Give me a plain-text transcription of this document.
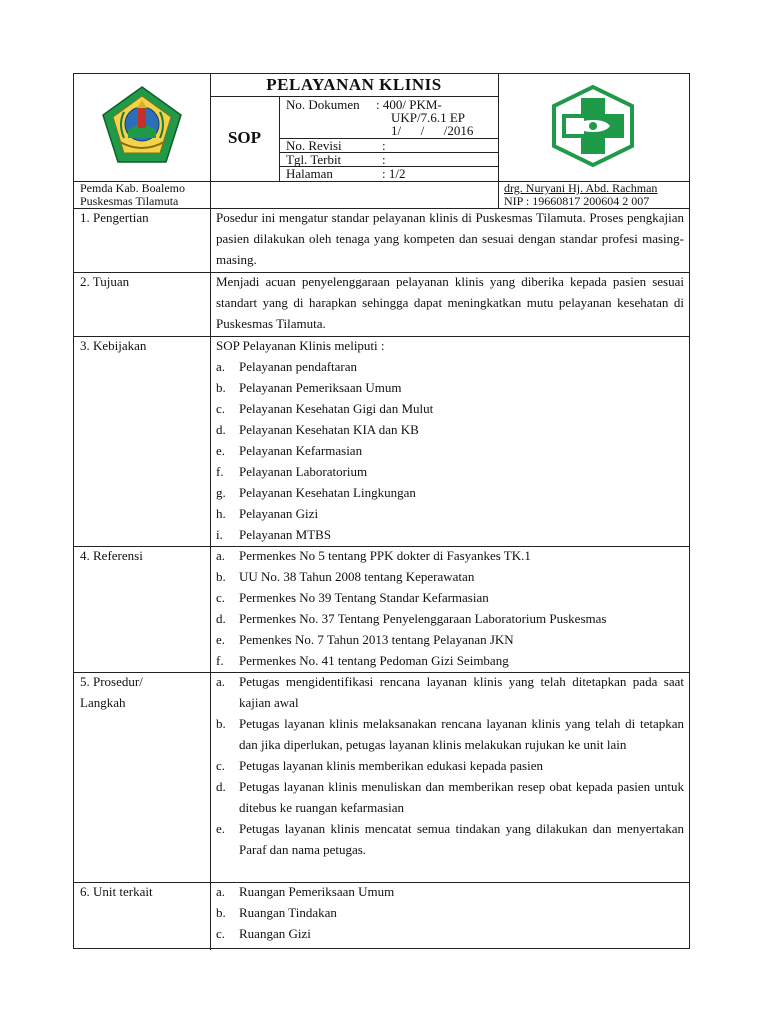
PELAYANAN KLINIS
SOP
No. Dokumen : 400/ PKM-
UKP/7.6.1 EP
1/      /      /2016
No. Revisi	:
Tgl. Terbit	:
Halaman	: 1/2
Pemda Kab. Boalemo
Puskesmas Tilamuta
drg. Nuryani Hj. Abd. Rachman
NIP : 19660817 200604 2 007
1. Pengertian	Posedur ini mengatur standar pelayanan klinis di Puskesmas Tilamuta. Proses pengkajian pasien dilakukan oleh tenaga yang kompeten dan sesuai dengan standar profesi masing-masing.
2. Tujuan	Menjadi acuan penyelenggaraan pelayanan klinis yang diberika kepada pasien sesuai standart yang di harapkan sehingga dapat meningkatkan mutu pelayanan kesehatan di Puskesmas Tilamuta.
3. Kebijakan	SOP Pelayanan Klinis meliputi :
a.	Pelayanan pendaftaran
b.	Pelayanan Pemeriksaan Umum
c.	Pelayanan Kesehatan Gigi dan Mulut
d.	Pelayanan Kesehatan KIA dan KB
e.	Pelayanan Kefarmasian
f.	Pelayanan Laboratorium
g.	Pelayanan Kesehatan Lingkungan
h.	Pelayanan Gizi
i.	Pelayanan MTBS
4. Referensi	a.	Permenkes No 5 tentang PPK dokter di Fasyankes TK.1
b.	UU No. 38 Tahun 2008 tentang Keperawatan
c.	Permenkes No 39 Tentang Standar Kefarmasian
d.	Permenkes No. 37 Tentang Penyelenggaraan Laboratorium Puskesmas
e.	Pemenkes No. 7 Tahun 2013 tentang Pelayanan JKN
f.	Permenkes No. 41 tentang Pedoman Gizi Seimbang
5. Prosedur/
Langkah
a.	Petugas mengidentifikasi rencana layanan klinis yang telah ditetapkan pada saat kajian awal
b.	Petugas layanan klinis melaksanakan rencana layanan klinis yang telah di tetapkan dan jika diperlukan, petugas layanan klinis melakukan rujukan ke unit lain
c.	Petugas layanan klinis memberikan edukasi kepada pasien
d.	Petugas layanan klinis menuliskan dan memberikan resep obat kepada pasien untuk ditebus ke ruangan kefarmasian
e.	Petugas layanan klinis mencatat semua tindakan yang dilakukan dan menyertakan Paraf dan nama petugas.
6. Unit terkait	a.	Ruangan Pemeriksaan Umum
b.	Ruangan Tindakan
c.	Ruangan Gizi
